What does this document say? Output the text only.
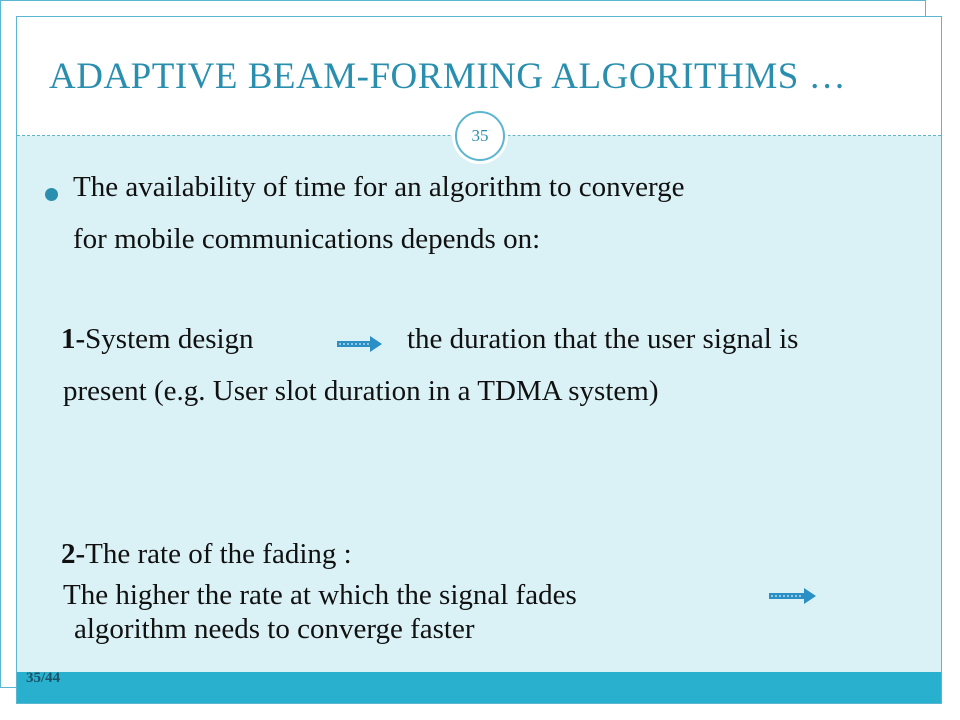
ADAPTIVE BEAM-FORMING ALGORITHMS …
35
The availability of time for an algorithm to converge
for mobile communications depends on:
1-System design	the duration that the user signal is
present (e.g. User slot duration in a TDMA system)
2-The rate of the fading :
The higher the rate at which the signal fades
algorithm needs to converge faster
35/44
